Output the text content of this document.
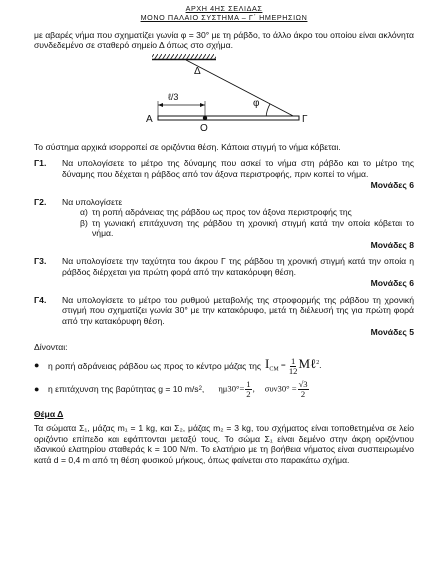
ΑΡΧΗ 4ΗΣ ΣΕΛΙΔΑΣ
ΜΟΝΟ ΠΑΛΑΙΟ ΣΥΣΤΗΜΑ – Γ΄ ΗΜΕΡΗΣΙΩΝ

με αβαρές νήμα που σχηματίζει γωνία φ = 30° με τη ράβδο, το άλλο άκρο του οποίου είναι ακλόνητα συνδεδεμένο σε σταθερό σημείο Δ όπως στο σχήμα.

Δ
φ
ℓ/3
Α
Ο
Γ

Το σύστημα αρχικά ισορροπεί σε οριζόντια θέση. Κάποια στιγμή το νήμα κόβεται.

Γ1.	Να υπολογίσετε το μέτρο της δύναμης που ασκεί το νήμα στη ράβδο και το μέτρο της δύναμης που δέχεται η ράβδος από τον άξονα περιστροφής, πριν κοπεί το νήμα.
Μονάδες 6
Γ2.	Να υπολογίσετε
α) τη ροπή αδράνειας της ράβδου ως προς τον άξονα περιστροφής της
β) τη γωνιακή επιτάχυνση της ράβδου τη χρονική στιγμή κατά την οποία κόβεται το νήμα.
Μονάδες 8
Γ3.	Να υπολογίσετε την ταχύτητα του άκρου Γ της ράβδου τη χρονική στιγμή κατά την οποία η ράβδος διέρχεται για πρώτη φορά από την κατακόρυφη θέση.
Μονάδες 6
Γ4.	Να υπολογίσετε το μέτρο του ρυθμού μεταβολής της στροφορμής της ράβδου τη χρονική στιγμή που σχηματίζει γωνία 30° με την κατακόρυφο, μετά τη διέλευσή της για πρώτη φορά από την κατακόρυφη θέση.
Μονάδες 5
Δίνονται:
● η ροπή αδράνειας ράβδου ως προς το κέντρο μάζας της $I_{CM} = \frac{1}{12}$ Mℓ$^2$.
● η επιτάχυνση της βαρύτητας g = 10 m/s 2 , $\eta\mu 30^\circ= \frac{1}{2}$ , $\sigma\upsilon\nu 30^\circ = \frac{√3}{2}$
Θέμα Δ

Τα σώματα Σ₁, μάζας m₁ = 1 kg, και Σ₂, μάζας m₂ = 3 kg, του σχήματος είναι τοποθετημένα σε λείο οριζόντιο επίπεδο και εφάπτονται μεταξύ τους. Το σώμα Σ₁ είναι δεμένο στην άκρη οριζόντιου ιδανικού ελατηρίου σταθεράς k = 100 N/m. Το ελατήριο με τη βοήθεια νήματος είναι συσπειρωμένο κατά d = 0,4 m από τη θέση φυσικού μήκους, όπως φαίνεται στο παρακάτω σχήμα.
